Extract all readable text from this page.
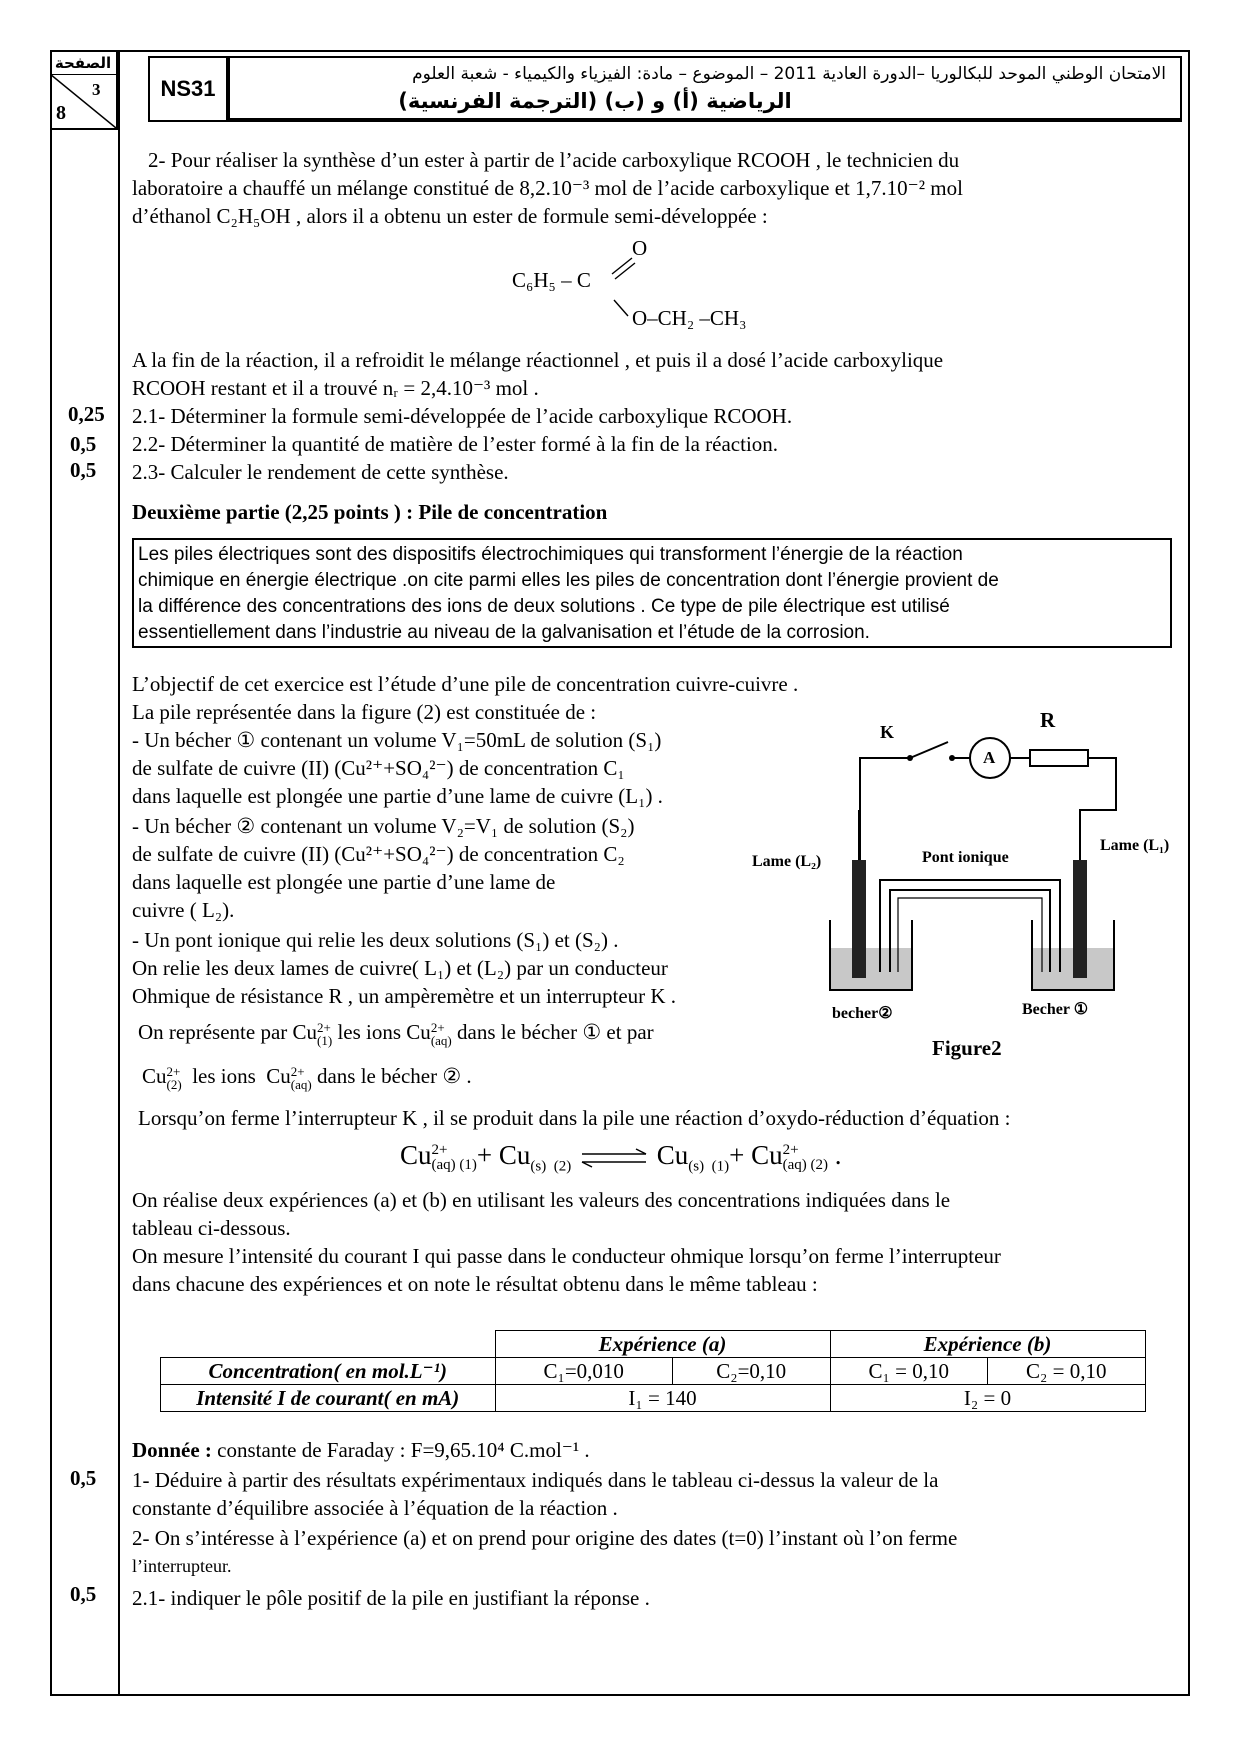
الصفحة
3
8
NS31
الامتحان الوطني الموحد للبكالوريا –الدورة العادية 2011 – الموضوع – مادة: الفيزياء والكيمياء - شعبة العلوم
الرياضية (أ) و (ب) (الترجمة الفرنسية)
2- Pour réaliser la synthèse d’un ester à partir de l’acide carboxylique RCOOH , le technicien du
laboratoire a chauffé un mélange constitué de 8,2.10⁻³ mol de l’acide carboxylique et 1,7.10⁻² mol
d’éthanol C₂H₅OH , alors il a obtenu un ester de formule semi-développée :
O
C₆H₅ – C
O–CH₂ –CH₃
A la fin de la réaction, il a refroidit le mélange réactionnel , et puis il a dosé l’acide carboxylique
RCOOH restant et il a trouvé nᵣ = 2,4.10⁻³ mol .
2.1- Déterminer la formule semi-développée de l’acide carboxylique RCOOH.
2.2- Déterminer la quantité de matière de l’ester formé à la fin de la réaction.
2.3- Calculer le rendement de cette synthèse.
0,25
0,5
0,5
Deuxième partie (2,25 points ) : Pile de concentration
Les piles électriques sont des dispositifs électrochimiques qui transforment l’énergie de la réaction
chimique en énergie électrique .on cite parmi elles les piles de concentration dont l’énergie provient de
la différence des concentrations des ions de deux solutions . Ce type de pile électrique est utilisé
essentiellement dans l’industrie au niveau de la galvanisation et l’étude de la corrosion.
L’objectif de cet exercice est l’étude d’une pile de concentration cuivre-cuivre .
La pile représentée dans la figure (2) est constituée de :
- Un bécher ① contenant un volume V₁=50mL de solution (S₁)
de sulfate de cuivre (II) (Cu²⁺+SO₄²⁻) de concentration C₁
dans laquelle est plongée une partie d’une lame de cuivre (L₁) .
- Un bécher ② contenant un volume V₂=V₁ de solution (S₂)
de sulfate de cuivre (II) (Cu²⁺+SO₄²⁻) de concentration C₂
dans laquelle est plongée une partie d’une lame de
cuivre ( L₂).
- Un pont ionique qui relie les deux solutions (S₁) et (S₂) .
On relie les deux lames de cuivre( L₁) et (L₂) par un conducteur
Ohmique de résistance R , un ampèremètre et un interrupteur K .
On représente par Cu 2+
(1) les ions Cu 2+
(aq) dans le bécher ① et par
Cu 2+
(2) les ions Cu 2+
(aq) dans le bécher ② .
Lorsqu’on ferme l’interrupteur K , il se produit dans la pile une réaction d’oxydo-réduction d’équation :
Cu 2+
(aq) $(1) + Cu_{(s) (2)}$ ⇌ $Cu_{(s) (1)}+ Cu$ 2+
(aq) (2) .
On réalise deux expériences (a) et (b) en utilisant les valeurs des concentrations indiquées dans le
tableau ci-dessous.
On mesure l’intensité du courant I qui passe dans le conducteur ohmique lorsqu’on ferme l’interrupteur
dans chacune des expériences et on note le résultat obtenu dans le même tableau :
K	R
A
Lame (L₂)
Lame (L₁)
Pont ionique
becher②	Becher ①
Figure2
	Expérience (a)		Expérience (b)	
Concentration( en mol.L⁻¹)	C₁=0,010	C₂=0,10	C₁ = 0,10	C₂ = 0,10
Intensité I de courant( en mA)	I₁ = 140		I₂ = 0	
Donnée : constante de Faraday : F=9,65.10⁴ C.mol⁻¹ .
1- Déduire à partir des résultats expérimentaux indiqués dans le tableau ci-dessus la valeur de la
constante d’équilibre associée à l’équation de la réaction .
2- On s’intéresse à l’expérience (a) et on prend pour origine des dates (t=0) l’instant où l’on ferme
l’interrupteur.
2.1- indiquer le pôle positif de la pile en justifiant la réponse .
0,5
0,5
